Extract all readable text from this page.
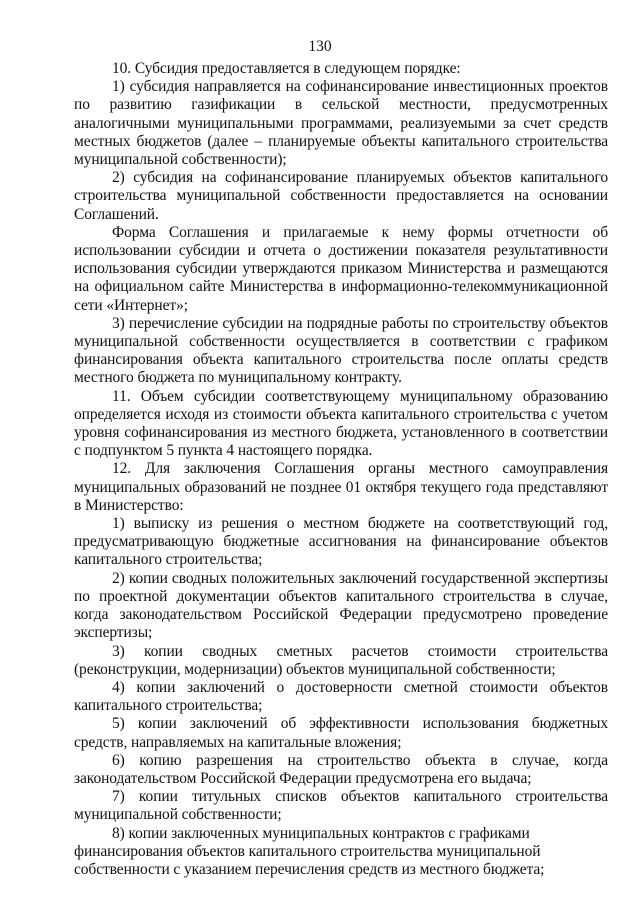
130

10. Субсидия предоставляется в следующем порядке:

1) субсидия направляется на софинансирование инвестиционных проектов по развитию газификации в сельской местности, предусмотренных аналогичными муниципальными программами, реализуемыми за счет средств местных бюджетов (далее – планируемые объекты капитального строительства муниципальной собственности);

2) субсидия на софинансирование планируемых объектов капитального строительства муниципальной собственности предоставляется на основании Соглашений.

Форма Соглашения и прилагаемые к нему формы отчетности об использовании субсидии и отчета о достижении показателя результативности использования субсидии утверждаются приказом Министерства и размещаются на официальном сайте Министерства в информационно-телекоммуникационной сети «Интернет»;

3) перечисление субсидии на подрядные работы по строительству объектов муниципальной собственности осуществляется в соответствии с графиком финансирования объекта капитального строительства после оплаты средств местного бюджета по муниципальному контракту.

11. Объем субсидии соответствующему муниципальному образованию определяется исходя из стоимости объекта капитального строительства с учетом уровня софинансирования из местного бюджета, установленного в соответствии с подпунктом 5 пункта 4 настоящего порядка.

12. Для заключения Соглашения органы местного самоуправления муниципальных образований не позднее 01 октября текущего года представляют в Министерство:

1) выписку из решения о местном бюджете на соответствующий год, предусматривающую бюджетные ассигнования на финансирование объектов капитального строительства;

2) копии сводных положительных заключений государственной экспертизы по проектной документации объектов капитального строительства в случае, когда законодательством Российской Федерации предусмотрено проведение экспертизы;

3) копии сводных сметных расчетов стоимости строительства (реконструкции, модернизации) объектов муниципальной собственности;

4) копии заключений о достоверности сметной стоимости объектов капитального строительства;

5) копии заключений об эффективности использования бюджетных средств, направляемых на капитальные вложения;

6) копию разрешения на строительство объекта в случае, когда законодательством Российской Федерации предусмотрена его выдача;

7) копии титульных списков объектов капитального строительства муниципальной собственности;

8) копии заключенных муниципальных контрактов с графиками финансирования объектов капитального строительства муниципальной собственности с указанием перечисления средств из местного бюджета;
